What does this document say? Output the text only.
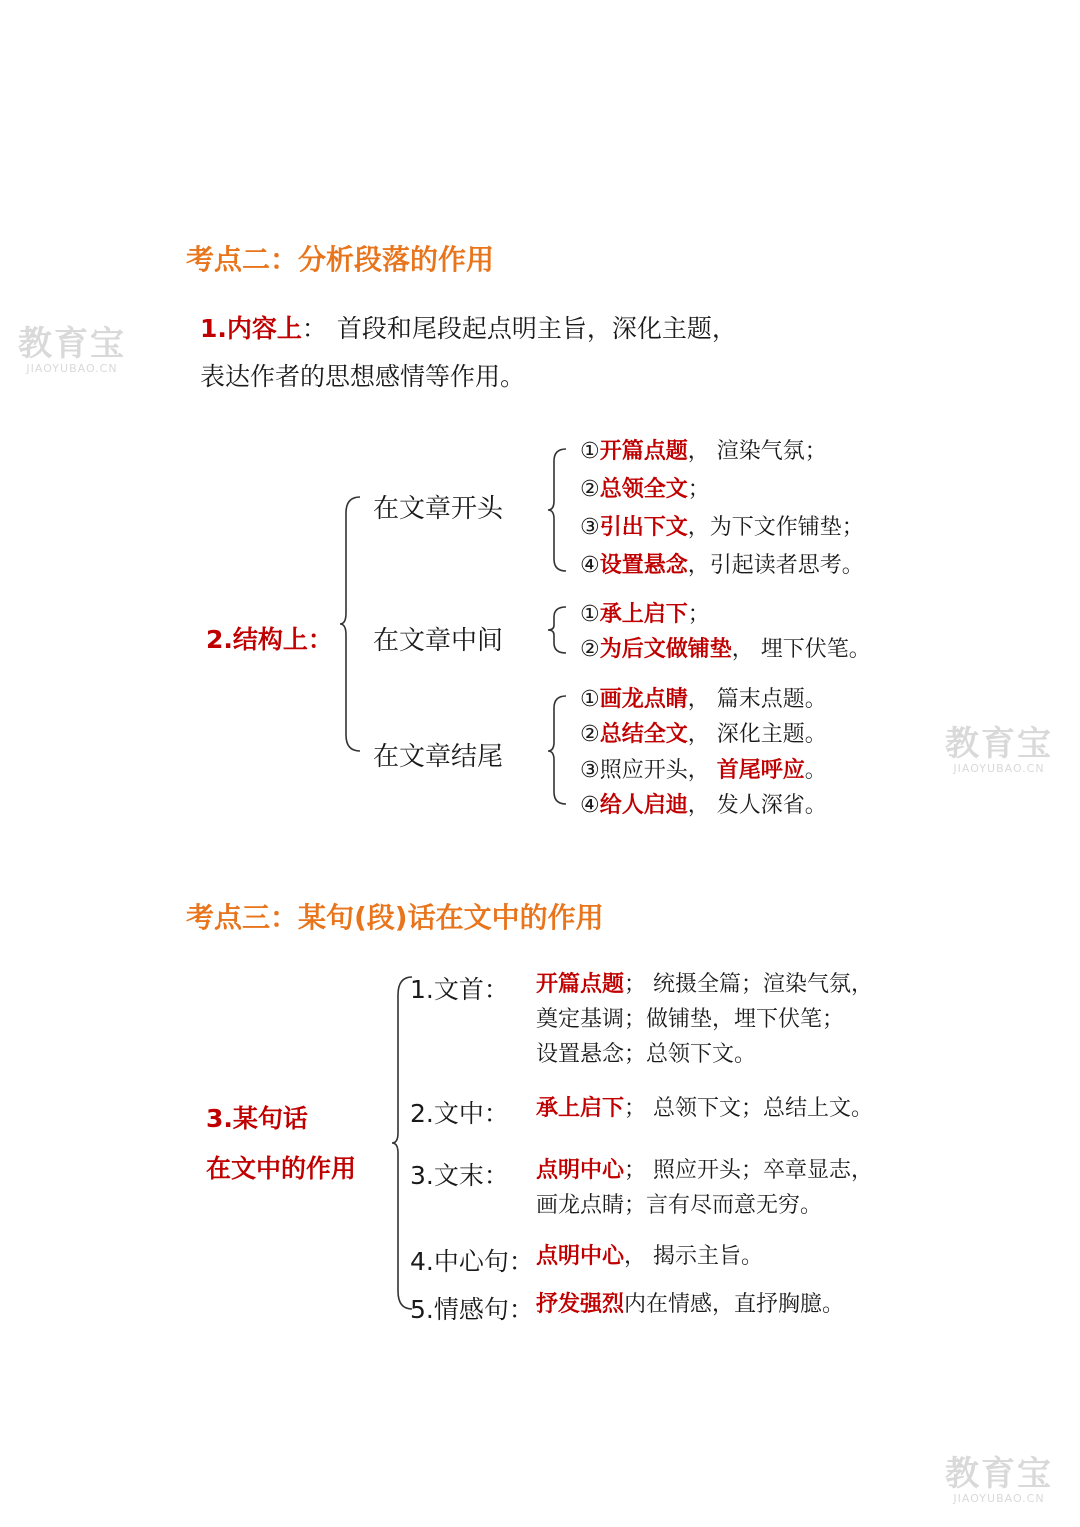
教育宝
JIAOYUBAO.CN
教育宝
JIAOYUBAO.CN
教育宝
JIAOYUBAO.CN
考点二：分析段落的作用
1.内容上： 首段和尾段起点明主旨，深化主题，
表达作者的思想感情等作用。
2.结构上：
在文章开头
在文章中间
在文章结尾
①开篇点题， 渲染气氛；
②总领全文；
③引出下文，为下文作铺垫；
④设置悬念，引起读者思考。
①承上启下；
②为后文做铺垫， 埋下伏笔。
①画龙点睛， 篇末点题。
②总结全文， 深化主题。
③照应开头， 首尾呼应。
④给人启迪， 发人深省。
考点三：某句(段)话在文中的作用
3.某句话
在文中的作用
1.文首： 开篇点题； 统摄全篇；渲染气氛，
奠定基调；做铺垫，埋下伏笔；
设置悬念；总领下文。
2.文中： 承上启下； 总领下文；总结上文。
3.文末： 点明中心； 照应开头；卒章显志，
画龙点睛；言有尽而意无穷。
4.中心句： 点明中心， 揭示主旨。
5.情感句： 抒发强烈内在情感，直抒胸臆。
